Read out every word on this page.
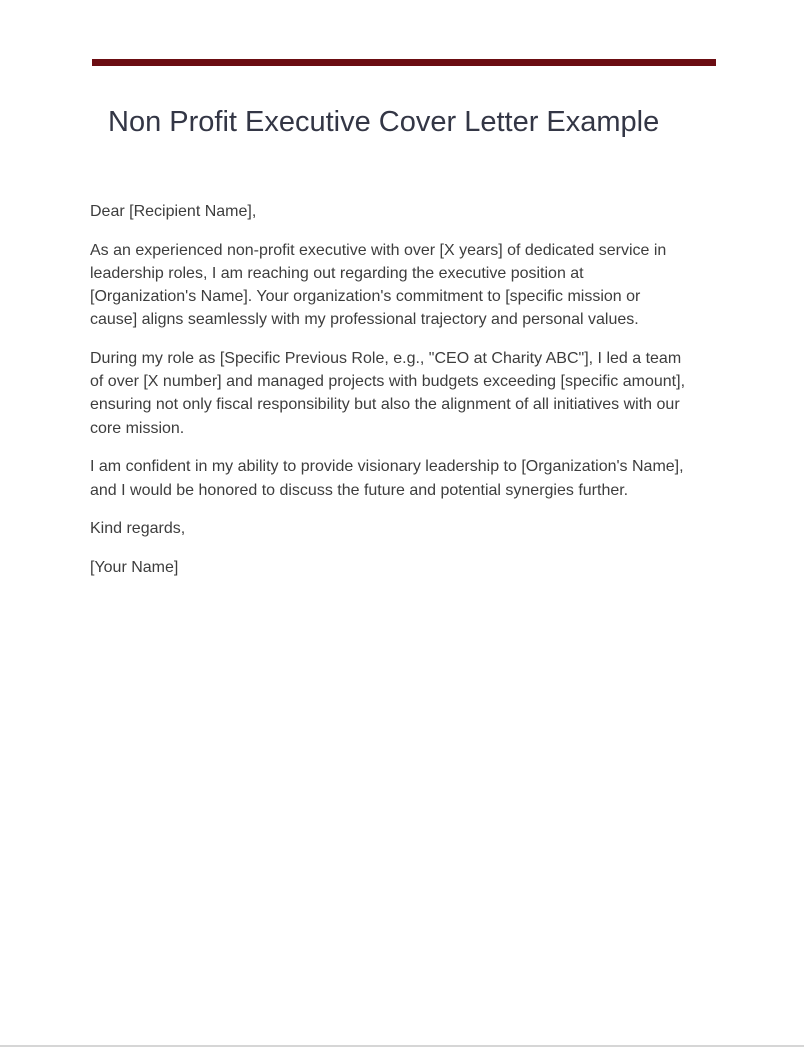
Non Profit Executive Cover Letter Example

Dear [Recipient Name],

As an experienced non-profit executive with over [X years] of dedicated service in leadership roles, I am reaching out regarding the executive position at [Organization's Name]. Your organization's commitment to [specific mission or cause] aligns seamlessly with my professional trajectory and personal values.

During my role as [Specific Previous Role, e.g., "CEO at Charity ABC"], I led a team of over [X number] and managed projects with budgets exceeding [specific amount], ensuring not only fiscal responsibility but also the alignment of all initiatives with our core mission.

I am confident in my ability to provide visionary leadership to [Organization's Name], and I would be honored to discuss the future and potential synergies further.

Kind regards,

[Your Name]
